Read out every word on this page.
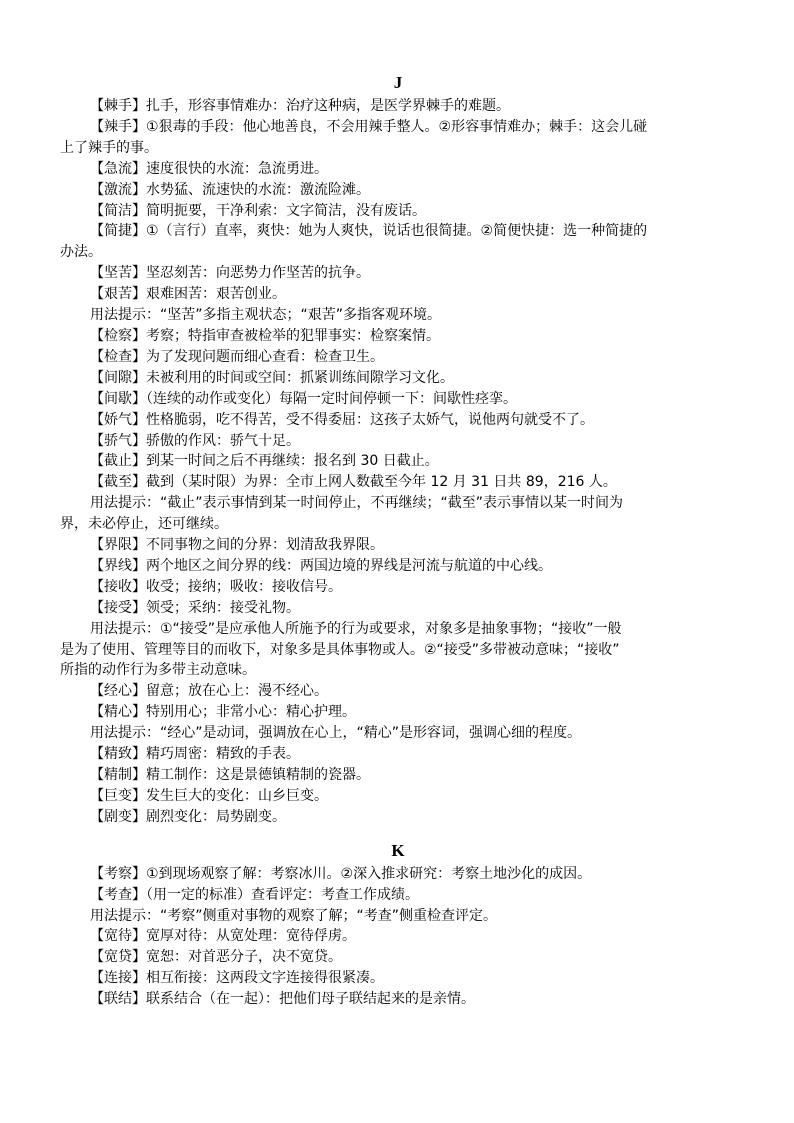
J

【棘手】扎手，形容事情难办：治疗这种病，是医学界棘手的难题。

【辣手】①狠毒的手段：他心地善良，不会用辣手整人。②形容事情难办；棘手：这会儿碰

上了辣手的事。

【急流】速度很快的水流：急流勇进。

【激流】水势猛、流速快的水流：激流险滩。

【简洁】简明扼要，干净利索：文字简洁，没有废话。

【简捷】①（言行）直率，爽快：她为人爽快，说话也很简捷。②简便快捷：选一种简捷的

办法。

【坚苦】坚忍刻苦：向恶势力作坚苦的抗争。

【艰苦】艰难困苦：艰苦创业。

用法提示：“坚苦”多指主观状态；“艰苦”多指客观环境。

【检察】考察；特指审查被检举的犯罪事实：检察案情。

【检查】为了发现问题而细心查看：检查卫生。

【间隙】未被利用的时间或空间：抓紧训练间隙学习文化。

【间歇】（连续的动作或变化）每隔一定时间停顿一下：间歇性痉挛。

【娇气】性格脆弱，吃不得苦，受不得委屈：这孩子太娇气，说他两句就受不了。

【骄气】骄傲的作风：骄气十足。

【截止】到某一时间之后不再继续：报名到 30 日截止。

【截至】截到（某时限）为界：全市上网人数截至今年 12 月 31 日共 89，216 人。

用法提示：“截止”表示事情到某一时间停止，不再继续；“截至”表示事情以某一时间为

界，未必停止，还可继续。

【界限】不同事物之间的分界：划清敌我界限。

【界线】两个地区之间分界的线：两国边境的界线是河流与航道的中心线。

【接收】收受；接纳；吸收：接收信号。

【接受】领受；采纳：接受礼物。

用法提示：①“接受”是应承他人所施予的行为或要求，对象多是抽象事物；“接收”一般

是为了使用、管理等目的而收下，对象多是具体事物或人。②“接受”多带被动意味；“接收”

所指的动作行为多带主动意味。

【经心】留意；放在心上：漫不经心。

【精心】特别用心；非常小心：精心护理。

用法提示：“经心”是动词，强调放在心上，“精心”是形容词，强调心细的程度。

【精致】精巧周密：精致的手表。

【精制】精工制作：这是景德镇精制的瓷器。

【巨变】发生巨大的变化：山乡巨变。

【剧变】剧烈变化：局势剧变。

K

【考察】①到现场观察了解：考察冰川。②深入推求研究：考察土地沙化的成因。

【考查】（用一定的标准）查看评定：考查工作成绩。

用法提示：“考察”侧重对事物的观察了解；“考查”侧重检查评定。

【宽待】宽厚对待：从宽处理：宽待俘虏。

【宽贷】宽恕：对首恶分子，决不宽贷。

【连接】相互衔接：这两段文字连接得很紧凑。

【联结】联系结合（在一起）：把他们母子联结起来的是亲情。
